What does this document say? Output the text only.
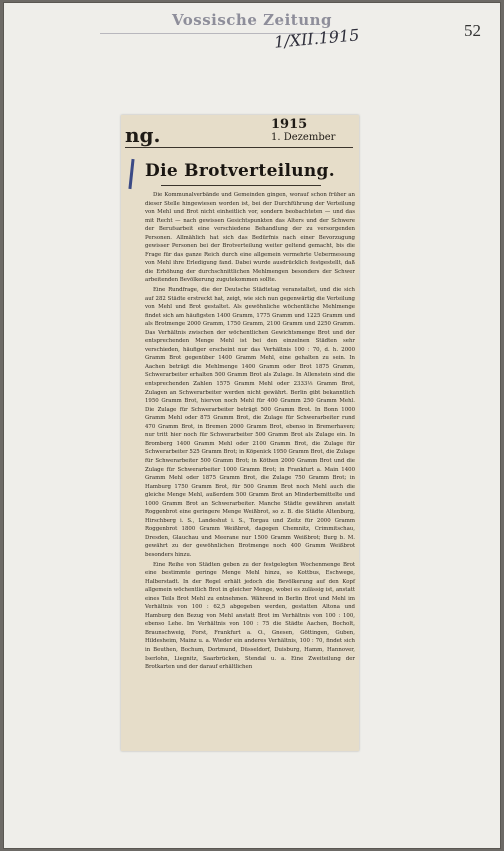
Vossische Zeitung
1/XII.1915	52
ng.	1915
1. Dezember
Die Brotverteilung.

Die Kommunalverbände und Gemeinden gingen, worauf schon früher an dieser Stelle hingewiesen worden ist, bei der Durchführung der Verteilung von Mehl und Brot nicht einheitlich vor, sondern beobachteten — und das mit Recht — nach gewissen Gesichtspunkten das Alters und der Schwere der Berufsarbeit eine verschiedene Behandlung der zu versorgenden Personen. Allmählich hat sich das Bedürfnis nach einer Bevorzugung gewisser Personen bei der Brotverteilung weiter geltend gemacht, bis die Frage für das ganze Reich durch eine allgemein vermehrte Uebermessung von Mehl ihre Erledigung fand. Dabei wurde ausdrücklich festgestellt, daß die Erhöhung der durchschnittlichen Mehlmengen besonders der Schwer arbeitenden Bevölkerung zugutekommen sollte.

Eine Rundfrage, die der Deutsche Städtetag veranstaltet, und die sich auf 282 Städte erstreckt hat, zeigt, wie sich nun gegenwärtig die Verteilung von Mehl und Brot gestaltet. Als gewöhnliche wöchentliche Mehlmenge findet sich am häufigsten 1400 Gramm, 1775 Gramm und 1225 Gramm und als Brotmenge 2000 Gramm, 1750 Gramm, 2100 Gramm und 2250 Gramm. Das Verhältnis zwischen der wöchentlichen Gewichtsmenge Brot und der entsprechenden Menge Mehl ist bei den einzelnen Städten sehr verschieden, häufiger erscheint nur das Verhältnis 100 : 70, d. h. 2000 Gramm Brot gegenüber 1400 Gramm Mehl, eine gehalten zu sein. In Aachen beträgt die Mehlmenge 1400 Gramm oder Brot 1875 Gramm, Schwerarbeiter erhalten 500 Gramm Brot als Zulage. In Allenstein sind die entsprechenden Zahlen 1575 Gramm Mehl oder 2333⅓ Gramm Brot, Zulagen an Schwerarbeiter werden nicht gewährt. Berlin gibt bekanntlich 1950 Gramm Brot, hiervon noch Mehl für 400 Gramm 250 Gramm Mehl. Die Zulage für Schwerarbeiter beträgt 500 Gramm Brot. In Bonn 1000 Gramm Mehl oder 875 Gramm Brot, die Zulage für Schwerarbeiter rund 470 Gramm Brot, in Bremen 2000 Gramm Brot, ebenso in Bremerhaven; nur tritt hier noch für Schwerarbeiter 500 Gramm Brot als Zulage ein. In Bromberg 1400 Gramm Mehl oder 2100 Gramm Brot, die Zulage für Schwerarbeiter 525 Gramm Brot; in Köpenick 1950 Gramm Brot, die Zulage für Schwerarbeiter 500 Gramm Brot; in Köthen 2000 Gramm Brot und die Zulage für Schwerarbeiter 1000 Gramm Brot; in Frankfurt a. Main 1400 Gramm Mehl oder 1875 Gramm Brot, die Zulage 750 Gramm Brot; in Hamburg 1750 Gramm Brot, für 500 Gramm Brot noch Mehl auch die gleiche Menge Mehl, außerdem 500 Gramm Brot an Minderbemittelte und 1000 Gramm Brot an Schwerarbeiter. Manche Städte gewähren anstatt Roggenbrot eine geringere Menge Weißbrot, so z. B. die Städte Altenburg, Hirschberg i. S., Landeshut i. S., Torgau und Zeitz für 2000 Gramm Roggenbrot 1800 Gramm Weißbrot, dagegen Chemnitz, Crimmitschau, Dresden, Glauchau und Meerane nur 1500 Gramm Weißbrot; Burg b. M. gewährt zu der gewöhnlichen Brotmenge noch 400 Gramm Weißbrot besonders hinzu.

Eine Reihe von Städten geben zu der festgelegten Wochenmenge Brot eine bestimmte geringe Menge Mehl hinzu, so Kottbus, Eschwege, Halberstadt. In der Regel erhält jedoch die Bevölkerung auf den Kopf allgemein wöchentlich Brot in gleicher Menge, wobei es zulässig ist, anstatt eines Teils Brot Mehl zu entnehmen. Während in Berlin Brot und Mehl im Verhältnis von 100 : 62,5 abgegeben werden, gestatten Altona und Hamburg den Bezug von Mehl anstatt Brot im Verhältnis von 100 : 100, ebenso Lehe. Im Verhältnis von 100 : 75 die Städte Aachen, Bocholt, Braunschweig, Forst, Frankfurt a. O., Gnesen, Göttingen, Guben, Hildesheim, Mainz u. a. Wieder ein anderes Verhältnis, 100 : 70, findet sich in Beuthen, Bochum, Dortmund, Düsseldorf, Duisburg, Hamm, Hannover, Iserlohn, Liegnitz, Saarbrücken, Stendal u. a. Eine Zweiteilung der Brotkarten und der darauf erhältlichen
